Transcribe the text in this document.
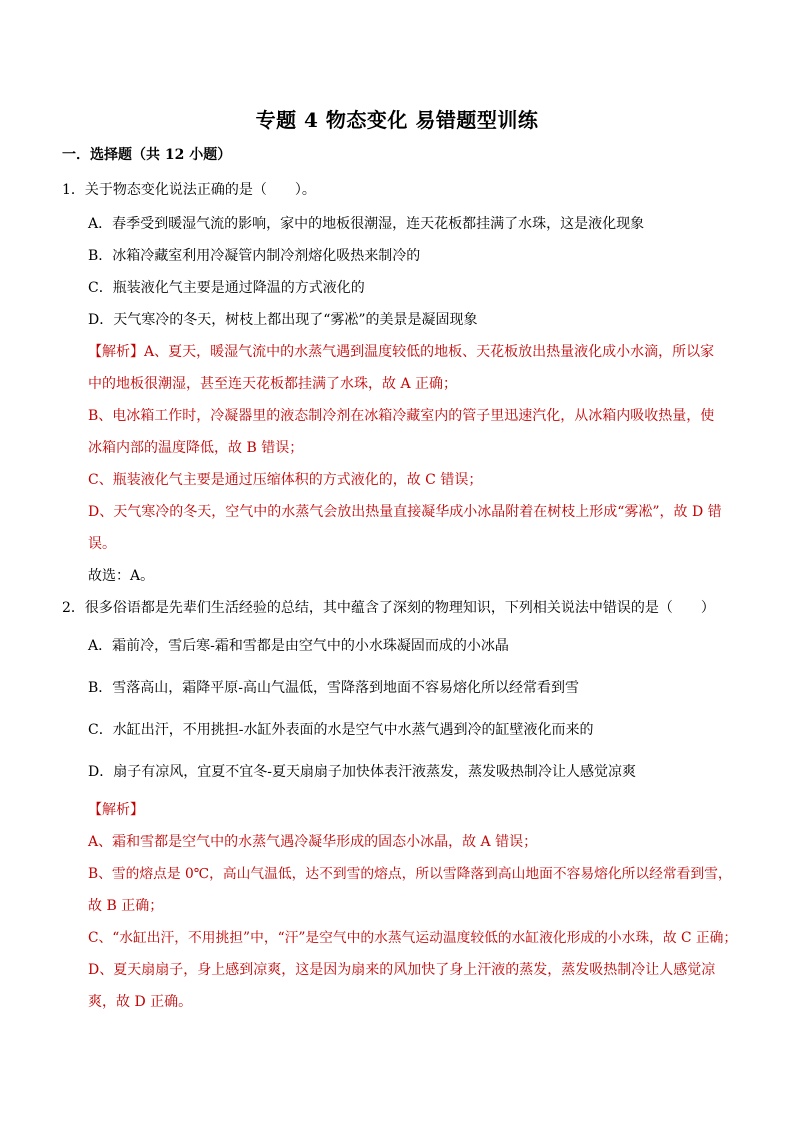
专题 4 物态变化 易错题型训练
一．选择题（共 12 小题）
1．关于物态变化说法正确的是（　　）。
A．春季受到暖湿气流的影响，家中的地板很潮湿，连天花板都挂满了水珠，这是液化现象
B．冰箱冷藏室利用冷凝管内制冷剂熔化吸热来制冷的
C．瓶装液化气主要是通过降温的方式液化的
D．天气寒冷的冬天，树枝上都出现了“雾凇”的美景是凝固现象
【解析】A、夏天，暖湿气流中的水蒸气遇到温度较低的地板、天花板放出热量液化成小水滴，所以家
中的地板很潮湿，甚至连天花板都挂满了水珠，故 A 正确；
B、电冰箱工作时，冷凝器里的液态制冷剂在冰箱冷藏室内的管子里迅速汽化，从冰箱内吸收热量，使
冰箱内部的温度降低，故 B 错误；
C、瓶装液化气主要是通过压缩体积的方式液化的，故 C 错误；
D、天气寒冷的冬天，空气中的水蒸气会放出热量直接凝华成小冰晶附着在树枝上形成“雾凇”，故 D 错
误。
故选：A。
2．很多俗语都是先辈们生活经验的总结，其中蕴含了深刻的物理知识，下列相关说法中错误的是（　　）
A．霜前冷，雪后寒-霜和雪都是由空气中的小水珠凝固而成的小冰晶
B．雪落高山，霜降平原-高山气温低，雪降落到地面不容易熔化所以经常看到雪
C．水缸出汗，不用挑担-水缸外表面的水是空气中水蒸气遇到冷的缸壁液化而来的
D．扇子有凉风，宜夏不宜冬-夏天扇扇子加快体表汗液蒸发，蒸发吸热制冷让人感觉凉爽
【解析】
A、霜和雪都是空气中的水蒸气遇冷凝华形成的固态小冰晶，故 A 错误；
B、雪的熔点是 0℃，高山气温低，达不到雪的熔点，所以雪降落到高山地面不容易熔化所以经常看到雪，
故 B 正确；
C、“水缸出汗，不用挑担”中，“汗”是空气中的水蒸气运动温度较低的水缸液化形成的小水珠，故 C 正确；
D、夏天扇扇子，身上感到凉爽，这是因为扇来的风加快了身上汗液的蒸发，蒸发吸热制冷让人感觉凉
爽，故 D 正确。
